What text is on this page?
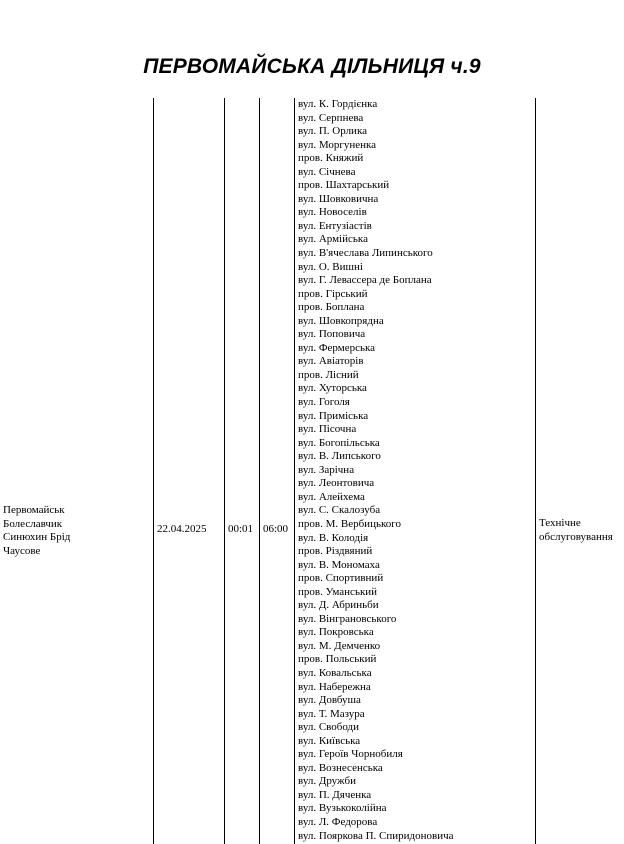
ПЕРВОМАЙСЬКА ДІЛЬНИЦЯ ч.9
Первомайськ
Болеславчик
Синюхин Брід
Чаусове
22.04.2025 00:01 06:00
вул. К. Гордієнка
вул. Серпнева
вул. П. Орлика
вул. Моргуненка
пров. Княжий
вул. Січнева
пров. Шахтарський
вул. Шовковична
вул. Новоселів
вул. Ентузіастів
вул. Армійська
вул. В'ячеслава Липинського
вул. О. Вишні
вул. Г. Левассера де Боплана
пров. Гірський
пров. Боплана
вул. Шовкопрядна
вул. Поповича
вул. Фермерська
вул. Авіаторів
пров. Лісний
вул. Хуторська
вул. Гоголя
вул. Приміська
вул. Пісочна
вул. Богопільська
вул. В. Липського
вул. Зарічна
вул. Леонтовича
вул. Алейхема
вул. С. Скалозуба
пров. М. Вербицького
вул. В. Колодія
пров. Різдвяний
вул. В. Мономаха
пров. Спортивний
пров. Уманський
вул. Д. Абриньби
вул. Вінграновського
вул. Покровська
вул. М. Демченко
пров. Польський
вул. Ковальська
вул. Набережна
вул. Довбуша
вул. Т. Мазура
вул. Свободи
вул. Київська
вул. Героїв Чорнобиля
вул. Вознесенська
вул. Дружби
вул. П. Дяченка
вул. Вузькоколійна
вул. Л. Федорова
вул. Пояркова П. Спиридоновича
Технічне
обслуговування
